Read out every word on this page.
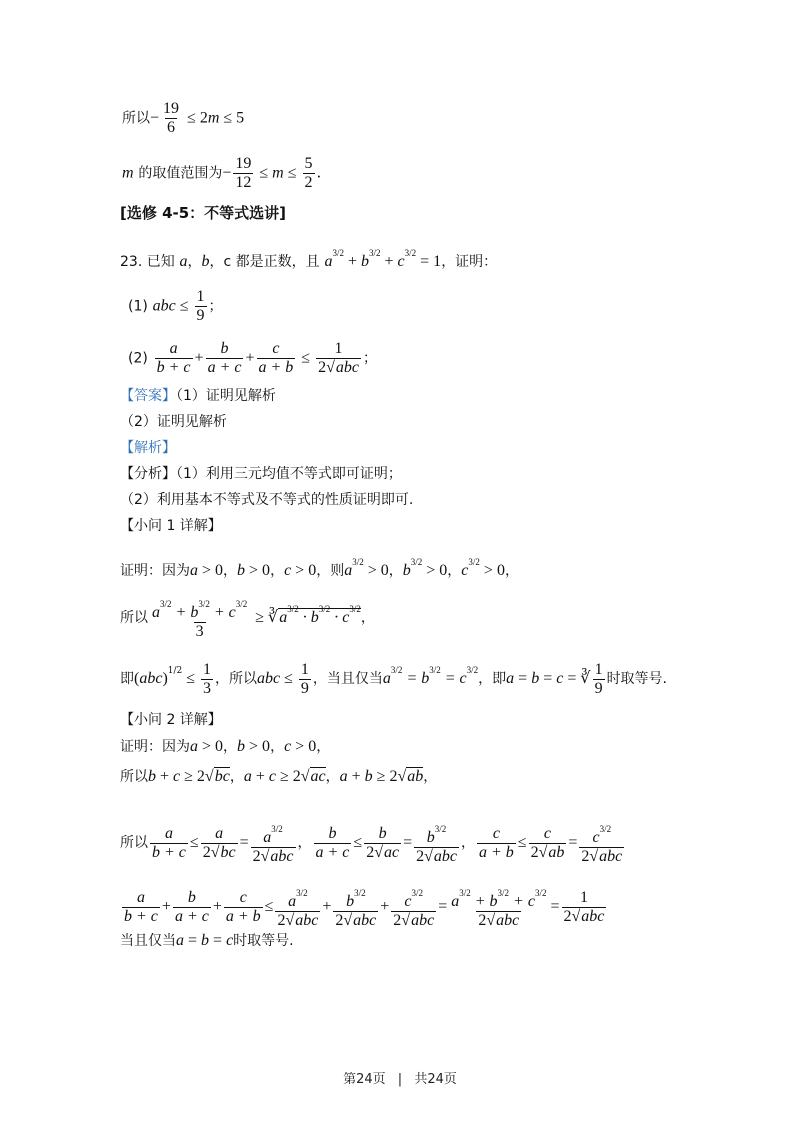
所以− $\frac{19}{6} \le 2m \le 5$
m 的取值范围为− $\frac{19}{12} \le m \le \frac{5}{2}$ .
[选修 4-5：不等式选讲]
23. 已知 a，b，c 都是正数，且 $a^{3/2} + b^{3/2} + c^{3/2} = 1$，证明：
(1) abc ≤ $\frac{1}{9}$ ；
$(2) \frac{a}{b + c} + \frac{b}{a + c} + \frac{c}{a + b} \le \frac{1}{\text{2√abc}}$ ；
【答案】（1）证明见解析
（2）证明见解析
【解析】
【分析】（1）利用三元均值不等式即可证明；
（2）利用基本不等式及不等式的性质证明即可.
【小问 1 详解】
证明：因为a > 0，b > 0，c > 0，则$a^{3/2} > 0$，$b^{3/2} > 0$，$c^{3/2} > 0$，
所以 $\frac{a^{3/2} + b^{3/2} + c^{3/2}}{3}$ ≥ $∛a^{3/2} \cdot b^{3/2} \cdot c^{3/2}$，
即$(abc)^{1/2} \le \frac{1}{3}$ ，所以abc ≤ $\frac{1}{9}$ ，当且仅当$a^{3/2} = b^{3/2} = c^{3/2}$，即a = b = c = ∛ $\frac{1}{9}$ 时取等号.
【小问 2 详解】
证明：因为a > 0，b > 0，c > 0，
所以b + c ≥ 2√bc，a + c ≥ 2√ac，a + b ≥ 2√ab，
所以 $\frac{a}{b + c} \le \frac{a}{2√bc} = \frac{a^{3/2}}{\text{2√abc}}$ ， $\frac{b}{a + c} \le \frac{b}{2√ac} = \frac{b^{3/2}}{\text{2√abc}}$ ， $\frac{c}{a + b} \le \frac{c}{2√ab} = \frac{c^{3/2}}{\text{2√abc}}$
$\frac{a}{b + c} + \frac{b}{a + c} + \frac{c}{a + b} \le \frac{a^{3/2}}{\text{2√abc}} + \frac{b^{3/2}}{\text{2√abc}} + \frac{c^{3/2}}{\text{2√abc}} = \frac{a^{3/2} + b^{3/2} + c^{3/2}}{\text{2√abc}} = \frac{1}{\text{2√abc}}$
当且仅当a = b = c时取等号.
第24页 | 共24页
